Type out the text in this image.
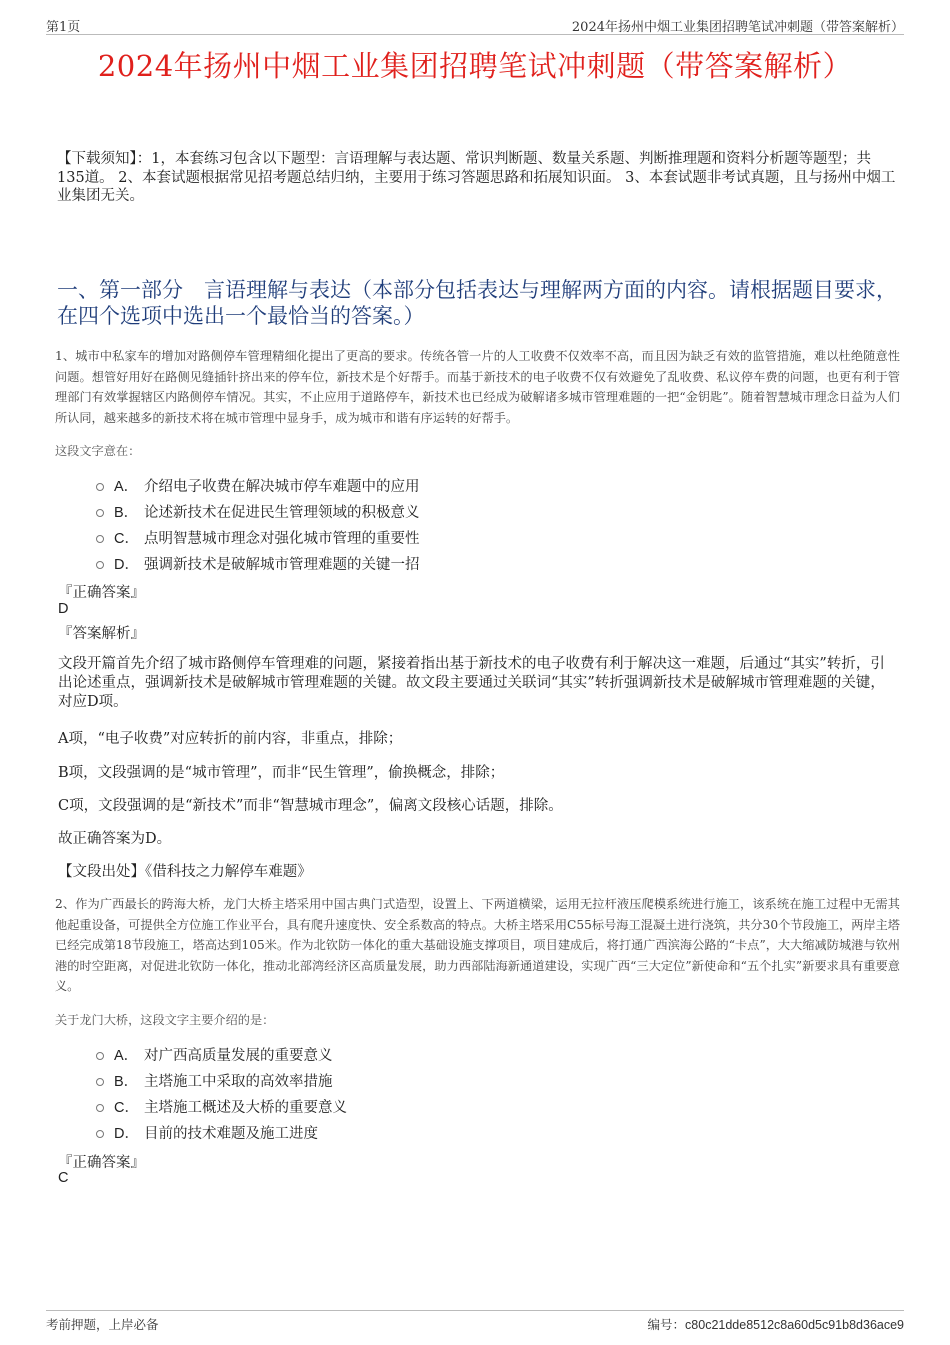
第1页	2024年扬州中烟工业集团招聘笔试冲刺题（带答案解析）
2024年扬州中烟工业集团招聘笔试冲刺题（带答案解析）
【下载须知】：1，本套练习包含以下题型：言语理解与表达题、常识判断题、数量关系题、判断推理题和资料分析题等题型；共135道。 2、本套试题根据常见招考题总结归纳，主要用于练习答题思路和拓展知识面。 3、本套试题非考试真题，且与扬州中烟工业集团无关。
一、第一部分　言语理解与表达（本部分包括表达与理解两方面的内容。请根据题目要求，在四个选项中选出一个最恰当的答案。）
1、城市中私家车的增加对路侧停车管理精细化提出了更高的要求。传统各管一片的人工收费不仅效率不高，而且因为缺乏有效的监管措施，难以杜绝随意性问题。想管好用好在路侧见缝插针挤出来的停车位，新技术是个好帮手。而基于新技术的电子收费不仅有效避免了乱收费、私议停车费的问题，也更有利于管理部门有效掌握辖区内路侧停车情况。其实，不止应用于道路停车，新技术也已经成为破解诸多城市管理难题的一把“金钥匙”。随着智慧城市理念日益为人们所认同，越来越多的新技术将在城市管理中显身手，成为城市和谐有序运转的好帮手。
这段文字意在：
A． 介绍电子收费在解决城市停车难题中的应用
B． 论述新技术在促进民生管理领域的积极意义
C． 点明智慧城市理念对强化城市管理的重要性
D． 强调新技术是破解城市管理难题的关键一招
『正确答案』
D
『答案解析』
文段开篇首先介绍了城市路侧停车管理难的问题，紧接着指出基于新技术的电子收费有利于解决这一难题，后通过“其实”转折，引出论述重点，强调新技术是破解城市管理难题的关键。故文段主要通过关联词“其实”转折强调新技术是破解城市管理难题的关键，对应D项。
A项，“电子收费”对应转折的前内容，非重点，排除；
B项，文段强调的是“城市管理”，而非“民生管理”，偷换概念，排除；
C项，文段强调的是“新技术”而非“智慧城市理念”，偏离文段核心话题，排除。
故正确答案为D。
【文段出处】《借科技之力解停车难题》
2、作为广西最长的跨海大桥，龙门大桥主塔采用中国古典门式造型，设置上、下两道横梁，运用无拉杆液压爬模系统进行施工，该系统在施工过程中无需其他起重设备，可提供全方位施工作业平台，具有爬升速度快、安全系数高的特点。大桥主塔采用C55标号海工混凝土进行浇筑，共分30个节段施工，两岸主塔已经完成第18节段施工，塔高达到105米。作为北钦防一体化的重大基础设施支撑项目，项目建成后，将打通广西滨海公路的“卡点”，大大缩减防城港与钦州港的时空距离，对促进北钦防一体化，推动北部湾经济区高质量发展，助力西部陆海新通道建设，实现广西“三大定位”新使命和“五个扎实”新要求具有重要意义。
关于龙门大桥，这段文字主要介绍的是：
A． 对广西高质量发展的重要意义
B． 主塔施工中采取的高效率措施
C． 主塔施工概述及大桥的重要意义
D． 目前的技术难题及施工进度
『正确答案』
C
考前押题，上岸必备	编号：c80c21dde8512c8a60d5c91b8d36ace9
